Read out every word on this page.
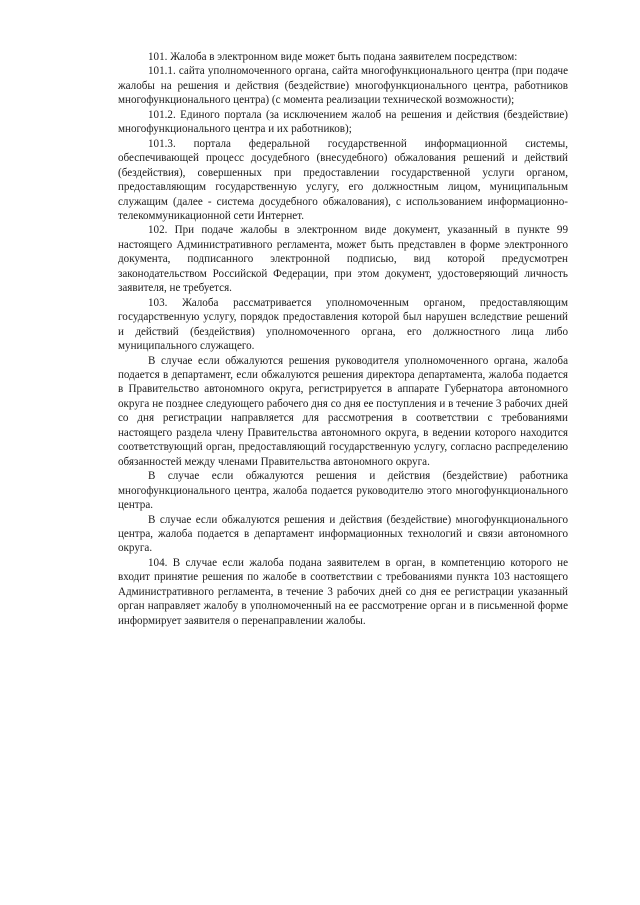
101. Жалоба в электронном виде может быть подана заявителем посредством:

101.1. сайта уполномоченного органа, сайта многофункционального центра (при подаче жалобы на решения и действия (бездействие) многофункционального центра, работников многофункционального центра) (с момента реализации технической возможности);

101.2. Единого портала (за исключением жалоб на решения и действия (бездействие) многофункционального центра и их работников);

101.3. портала федеральной государственной информационной системы, обеспечивающей процесс досудебного (внесудебного) обжалования решений и действий (бездействия), совершенных при предоставлении государственной услуги органом, предоставляющим государственную услугу, его должностным лицом, муниципальным служащим (далее - система досудебного обжалования), с использованием информационно-телекоммуникационной сети Интернет.

102. При подаче жалобы в электронном виде документ, указанный в пункте 99 настоящего Административного регламента, может быть представлен в форме электронного документа, подписанного электронной подписью, вид которой предусмотрен законодательством Российской Федерации, при этом документ, удостоверяющий личность заявителя, не требуется.

103. Жалоба рассматривается уполномоченным органом, предоставляющим государственную услугу, порядок предоставления которой был нарушен вследствие решений и действий (бездействия) уполномоченного органа, его должностного лица либо муниципального служащего.

В случае если обжалуются решения руководителя уполномоченного органа, жалоба подается в департамент, если обжалуются решения директора департамента, жалоба подается в Правительство автономного округа, регистрируется в аппарате Губернатора автономного округа не позднее следующего рабочего дня со дня ее поступления и в течение 3 рабочих дней со дня регистрации направляется для рассмотрения в соответствии с требованиями настоящего раздела члену Правительства автономного округа, в ведении которого находится соответствующий орган, предоставляющий государственную услугу, согласно распределению обязанностей между членами Правительства автономного округа.

В случае если обжалуются решения и действия (бездействие) работника многофункционального центра, жалоба подается руководителю этого многофункционального центра.

В случае если обжалуются решения и действия (бездействие) многофункционального центра, жалоба подается в департамент информационных технологий и связи автономного округа.

104. В случае если жалоба подана заявителем в орган, в компетенцию которого не входит принятие решения по жалобе в соответствии с требованиями пункта 103 настоящего Административного регламента, в течение 3 рабочих дней со дня ее регистрации указанный орган направляет жалобу в уполномоченный на ее рассмотрение орган и в письменной форме информирует заявителя о перенаправлении жалобы.
